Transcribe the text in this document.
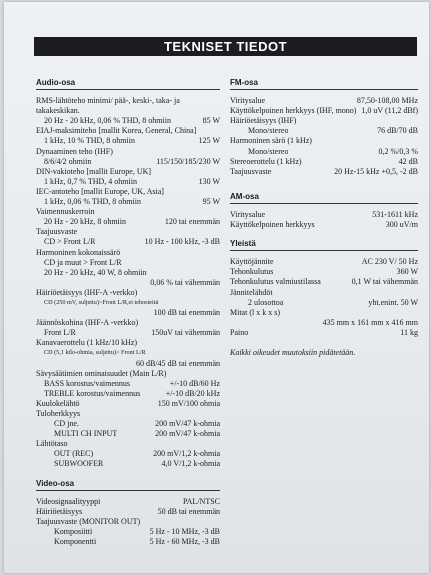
TEKNISET TIEDOT
Audio-osa
RMS-lähtöteho minimi/ pää-, keski-, taka- ja takakeskikan.
20 Hz - 20 kHz, 0,06 % THD, 8 ohmiin	85 W
EIAJ-maksimiteho [mallit Korea, General, China]
1 kHz, 10 % THD, 8 ohmiin	125 W
Dynaaminen teho (IHF)
8/6/4/2 ohmiin	115/150/185/230 W
DIN-vakioteho [mallit Europe, UK]
1 kHz, 0,7 % THD, 4 ohmiin	130 W
IEC-antoteho [mallit Europe, UK, Asia]
1 kHz, 0,06 % THD, 8 ohmiin	95 W
Vaimennuskerroin
20 Hz - 20 kHz, 8 ohmiin	120 tai enemmän
Taajuusvaste
CD > Front L/R	10 Hz - 100 kHz, -3 dB
Harmoninen kokonaissärö
CD ja muut > Front L/R
20 Hz - 20 kHz, 40 W, 8 ohmiin
0,06 % tai vähemmän
Häiriöetäisyys (IHF-A -verkko)
CD (250 mV, suljettu)>Front L/R,ei tehosteitä
100 dB tai enemmän
Jäännöskohina (IHF-A -verkko)
Front L/R	150uV tai vähemmän
Kanavaerottelu (1 kHz/10 kHz)
CD (5,1 kilo-ohmia, suljettu)> Front L/R
60 dB/45 dB tai enemmän
Sävysäätimien ominaisuudet (Main L/R)
BASS korostus/vaimennus	+/-10 dB/60 Hz
TREBLE korostus/vaimennus	+/-10 dB/20 kHz
Kuulokelähtö	150 mV/100 ohmia
Tuloherkkyys
CD jne.	200 mV/47 k-ohmia
MULTI CH INPUT	200 mV/47 k-ohmia
Lähtötaso
OUT (REC)	200 mV/1,2 k-ohmia
SUBWOOFER	4,0 V/1,2 k-ohmia
Video-osa
Videosignaalityyppi	PAL/NTSC
Häiriöetäisyys	50 dB tai enemmän
Taajuusvaste (MONITOR OUT)
Komposiitti	5 Hz - 10 MHz, -3 dB
Komponentti	5 Hz - 60 MHz, -3 dB
FM-osa
Viritysalue	87,50-108,00 MHz
Käyttökelpoinen herkkyys (IHF, mono) 1,0 uV (11,2 dBf)
Häiriöetäisyys (IHF)
Mono/stereo	76 dB/70 dB
Harmoninen särö (1 kHz)
Mono/stereo	0,2 %/0,3 %
Stereoerottelu (1 kHz)	42 dB
Taajuusvaste	20 Hz-15 kHz +0,5, -2 dB
AM-osa
Viritysalue	531-1611 kHz
Käyttökelpoinen herkkyys	300 uV/m
Yleistä
Käyttöjännite	AC 230 V/ 50 Hz
Tehonkulutus	360 W
Tehonkulutus valmiustilassa	0,1 W tai vähemmän
Jännitelähdöt
2 ulosottoa	yht.enint. 50 W
Mitat (l x k x s)
435 mm x 161 mm x 416 mm
Paino	11 kg
Kaikki oikeudet muutoksiin pidätetään.
